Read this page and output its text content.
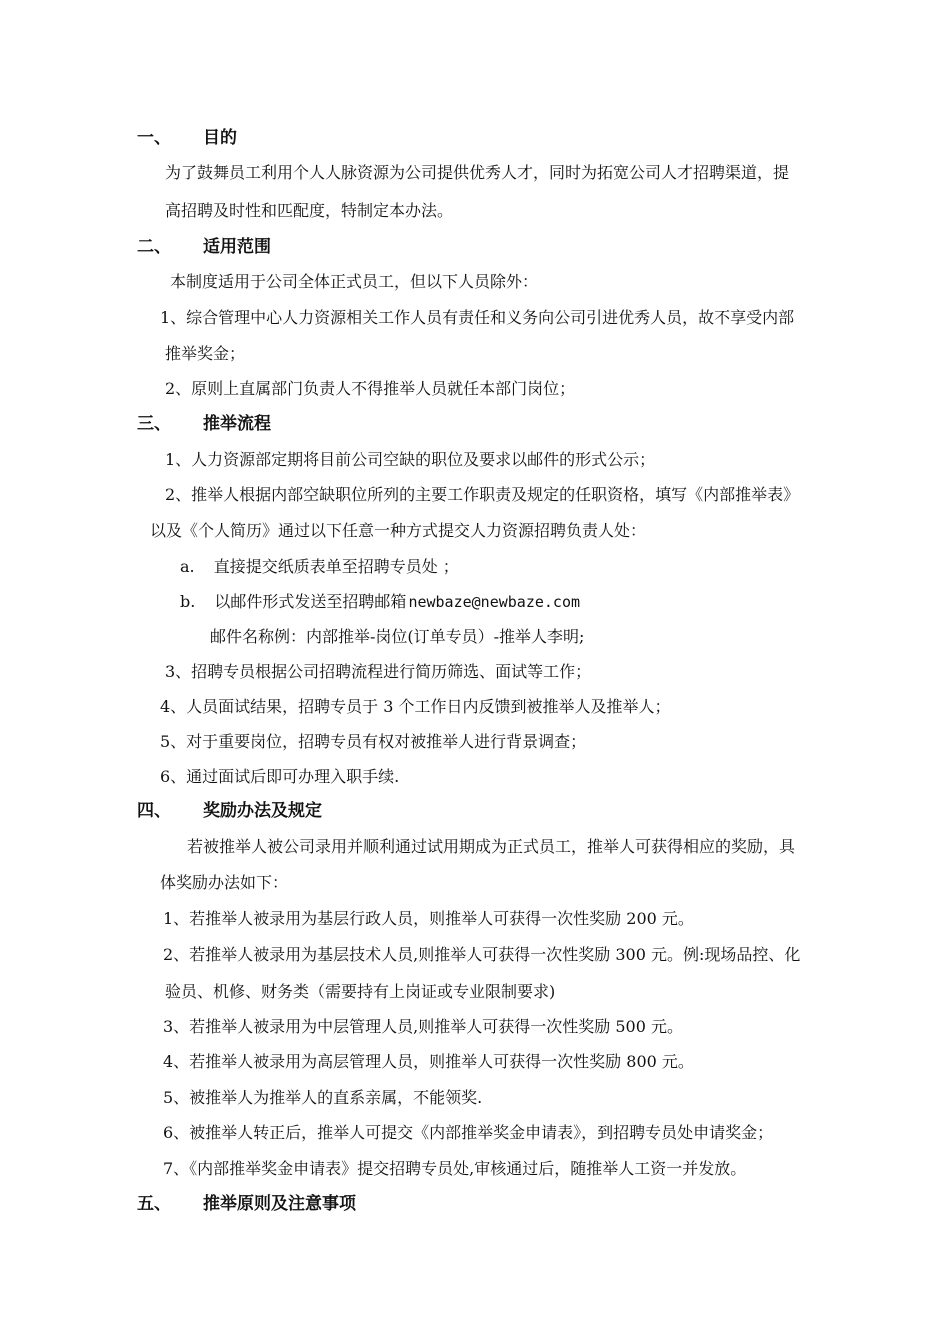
一、 目的
为了鼓舞员工利用个人人脉资源为公司提供优秀人才，同时为拓宽公司人才招聘渠道，提
高招聘及时性和匹配度，特制定本办法。
二、 适用范围
本制度适用于公司全体正式员工，但以下人员除外：
1、综合管理中心人力资源相关工作人员有责任和义务向公司引进优秀人员，故不享受内部
推举奖金；
2、原则上直属部门负责人不得推举人员就任本部门岗位；
三、 推举流程
1、人力资源部定期将目前公司空缺的职位及要求以邮件的形式公示；
2、推举人根据内部空缺职位所列的主要工作职责及规定的任职资格，填写《内部推举表》
以及《个人简历》通过以下任意一种方式提交人力资源招聘负责人处：
a. 直接提交纸质表单至招聘专员处 ；
b. 以邮件形式发送至招聘邮箱 newbaze@newbaze.com
邮件名称例：内部推举-岗位(订单专员）-推举人李明;
3、招聘专员根据公司招聘流程进行简历筛选、面试等工作；
4、人员面试结果，招聘专员于 3 个工作日内反馈到被推举人及推举人；
5、对于重要岗位，招聘专员有权对被推举人进行背景调查；
6、通过面试后即可办理入职手续.
四、 奖励办法及规定
若被推举人被公司录用并顺利通过试用期成为正式员工，推举人可获得相应的奖励，具
体奖励办法如下：
1、若推举人被录用为基层行政人员，则推举人可获得一次性奖励 200 元。
2、若推举人被录用为基层技术人员,则推举人可获得一次性奖励 300 元。例:现场品控、化
验员、机修、财务类（需要持有上岗证或专业限制要求)
3、若推举人被录用为中层管理人员,则推举人可获得一次性奖励 500 元。
4、若推举人被录用为高层管理人员，则推举人可获得一次性奖励 800 元。
5、被推举人为推举人的直系亲属，不能领奖.
6、被推举人转正后，推举人可提交《内部推举奖金申请表》，到招聘专员处申请奖金；
7、《内部推举奖金申请表》提交招聘专员处,审核通过后，随推举人工资一并发放。
五、 推举原则及注意事项
